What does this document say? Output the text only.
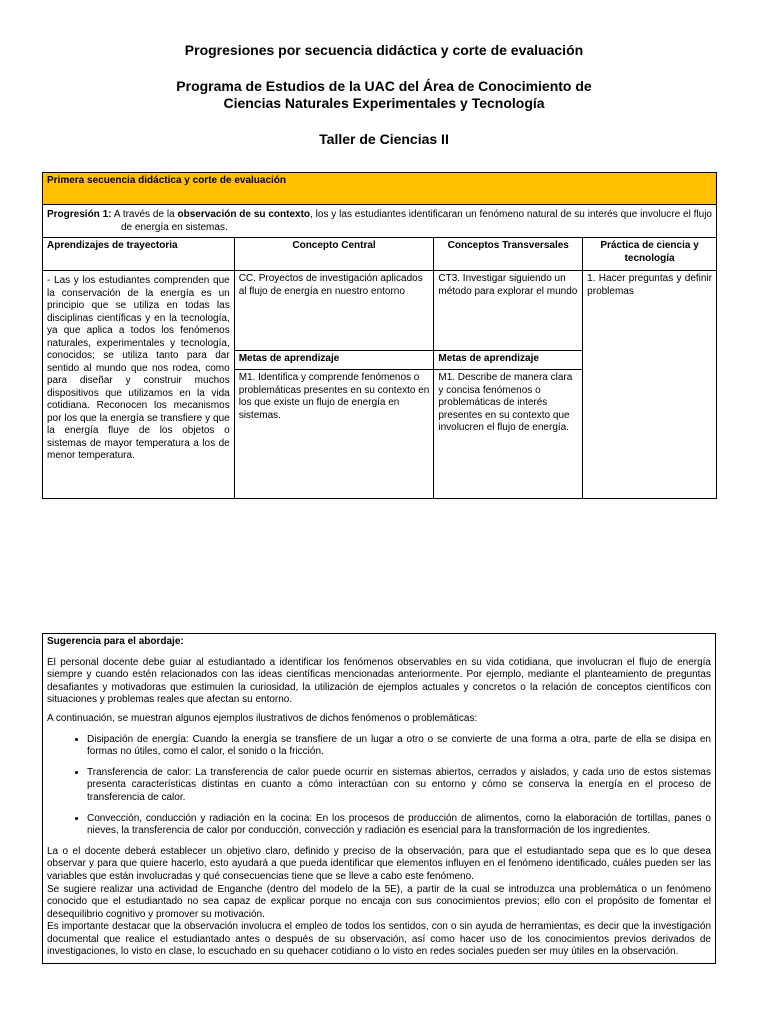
Progresiones por secuencia didáctica y corte de evaluación
Programa de Estudios de la UAC del Área de Conocimiento de
Ciencias Naturales Experimentales y Tecnología
Taller de Ciencias II
Primera secuencia didáctica y corte de evaluación			

Progresión 1: A través de la observación de su contexto, los y las estudiantes identificaran un fenómeno natural de su interés que involucre el flujo de energía en sistemas.			

Aprendizajes de trayectoria	Concepto Central	Conceptos Transversales	Práctica de ciencia y tecnología
- Las y los estudiantes comprenden que la conservación de la energía es un principio que se utiliza en todas las disciplinas científicas y en la tecnología, ya que aplica a todos los fenómenos naturales, experimentales y tecnología, conocidos; se utiliza tanto para dar sentido al mundo que nos rodea, como para diseñar y construir muchos dispositivos que utilizamos en la vida cotidiana. Reconocen los mecanismos por los que la energía se transfiere y que la energía fluye de los objetos o sistemas de mayor temperatura a los de menor temperatura.	CC. Proyectos de investigación aplicados al flujo de energía en nuestro entorno	CT3. Investigar siguiendo un método para explorar el mundo	1. Hacer preguntas y definir problemas
	Metas de aprendizaje	Metas de aprendizaje	
	M1. Identifica y comprende fenómenos o problemáticas presentes en su contexto en los que existe un flujo de energía en sistemas.	M1. Describe de manera clara y concisa fenómenos o problemáticas de interés presentes en su contexto que involucren el flujo de energía.	

Sugerencia para el abordaje:

El personal docente debe guiar al estudiantado a identificar los fenómenos observables en su vida cotidiana, que involucran el flujo de energía siempre y cuando estén relacionados con las ideas científicas mencionadas anteriormente. Por ejemplo, mediante el planteamiento de preguntas desafiantes y motivadoras que estimulen la curiosidad, la utilización de ejemplos actuales y concretos o la relación de conceptos científicos con situaciones y problemas reales que afectan su entorno.

A continuación, se muestran algunos ejemplos ilustrativos de dichos fenómenos o problemáticas:

• Disipación de energía: Cuando la energía se transfiere de un lugar a otro o se convierte de una forma a otra, parte de ella se disipa en formas no útiles, como el calor, el sonido o la fricción.
• Transferencia de calor: La transferencia de calor puede ocurrir en sistemas abiertos, cerrados y aislados, y cada uno de estos sistemas presenta características distintas en cuanto a cómo interactúan con su entorno y cómo se conserva la energía en el proceso de transferencia de calor.
• Convección, conducción y radiación en la cocina: En los procesos de producción de alimentos, como la elaboración de tortillas, panes o nieves, la transferencia de calor por conducción, convección y radiación es esencial para la transformación de los ingredientes.

La o el docente deberá establecer un objetivo claro, definido y preciso de la observación, para que el estudiantado sepa que es lo que desea observar y para que quiere hacerlo, esto ayudará a que pueda identificar que elementos influyen en el fenómeno identificado, cuáles pueden ser las variables que están involucradas y qué consecuencias tiene que se lleve a cabo este fenómeno.

Se sugiere realizar una actividad de Enganche (dentro del modelo de la 5E), a partir de la cual se introduzca una problemática o un fenómeno conocido que el estudiantado no sea capaz de explicar porque no encaja con sus conocimientos previos; ello con el propósito de fomentar el desequilibrio cognitivo y promover su motivación.

Es importante destacar que la observación involucra el empleo de todos los sentidos, con o sin ayuda de herramientas, es decir que la investigación documental que realice el estudiantado antes o después de su observación, así como hacer uso de los conocimientos previos derivados de investigaciones, lo visto en clase, lo escuchado en su quehacer cotidiano o lo visto en redes sociales pueden ser muy útiles en la observación.
